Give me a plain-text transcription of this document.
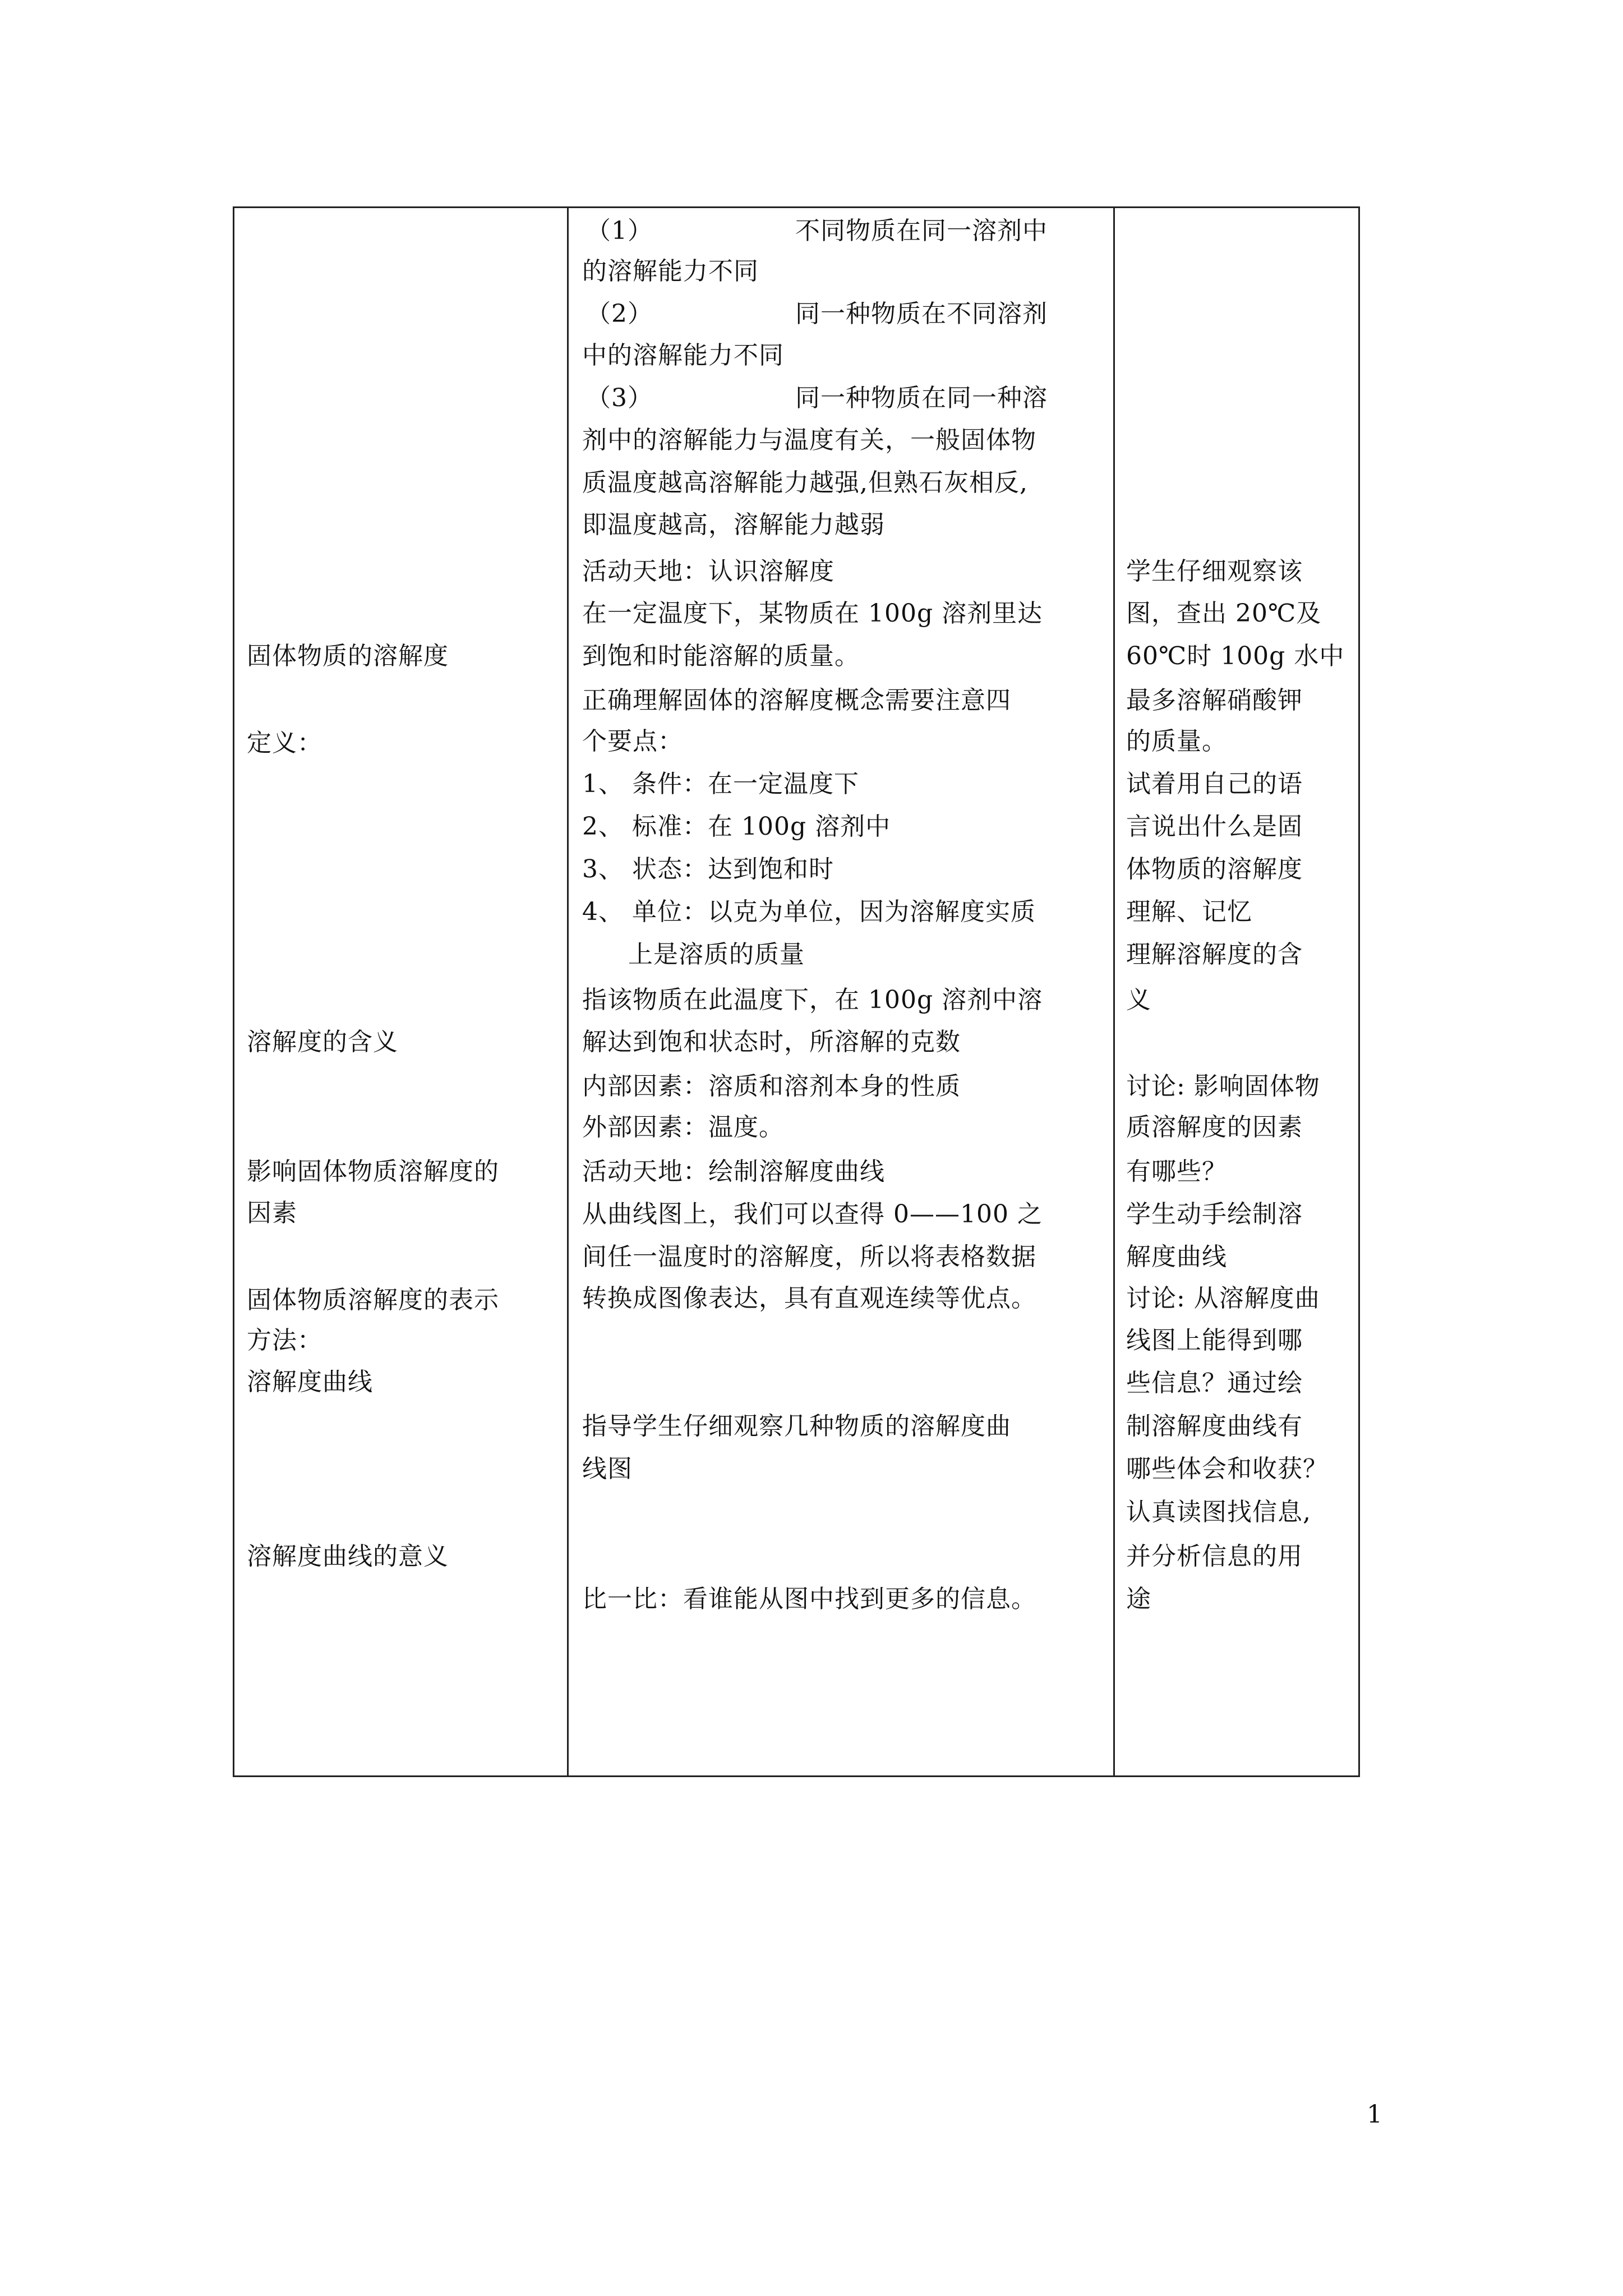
固体物质的溶解度
定义：
溶解度的含义
影响固体物质溶解度的
因素
固体物质溶解度的表示
方法：
溶解度曲线
溶解度曲线的意义
（1）	不同物质在同一溶剂中
的溶解能力不同
（2）	同一种物质在不同溶剂
中的溶解能力不同
（3）	同一种物质在同一种溶
剂中的溶解能力与温度有关，一般固体物
质温度越高溶解能力越强,但熟石灰相反,
即温度越高，溶解能力越弱
活动天地：认识溶解度
在一定温度下，某物质在 100g 溶剂里达
到饱和时能溶解的质量。
正确理解固体的溶解度概念需要注意四
个要点：
1、 条件：在一定温度下
2、 标准：在 100g 溶剂中
3、 状态：达到饱和时
4、 单位：以克为单位，因为溶解度实质
上是溶质的质量
指该物质在此温度下，在 100g 溶剂中溶
解达到饱和状态时，所溶解的克数
内部因素：溶质和溶剂本身的性质
外部因素：温度。
活动天地：绘制溶解度曲线
从曲线图上，我们可以查得 0——100 之
间任一温度时的溶解度，所以将表格数据
转换成图像表达，具有直观连续等优点。
指导学生仔细观察几种物质的溶解度曲
线图
比一比：看谁能从图中找到更多的信息。
学生仔细观察该
图，查出 20℃及
60℃时 100g 水中
最多溶解硝酸钾
的质量。
试着用自己的语
言说出什么是固
体物质的溶解度
理解、记忆
理解溶解度的含
义
讨论: 影响固体物
质溶解度的因素
有哪些？
学生动手绘制溶
解度曲线
讨论: 从溶解度曲
线图上能得到哪
些信息？通过绘
制溶解度曲线有
哪些体会和收获？
认真读图找信息,
并分析信息的用
途
1
